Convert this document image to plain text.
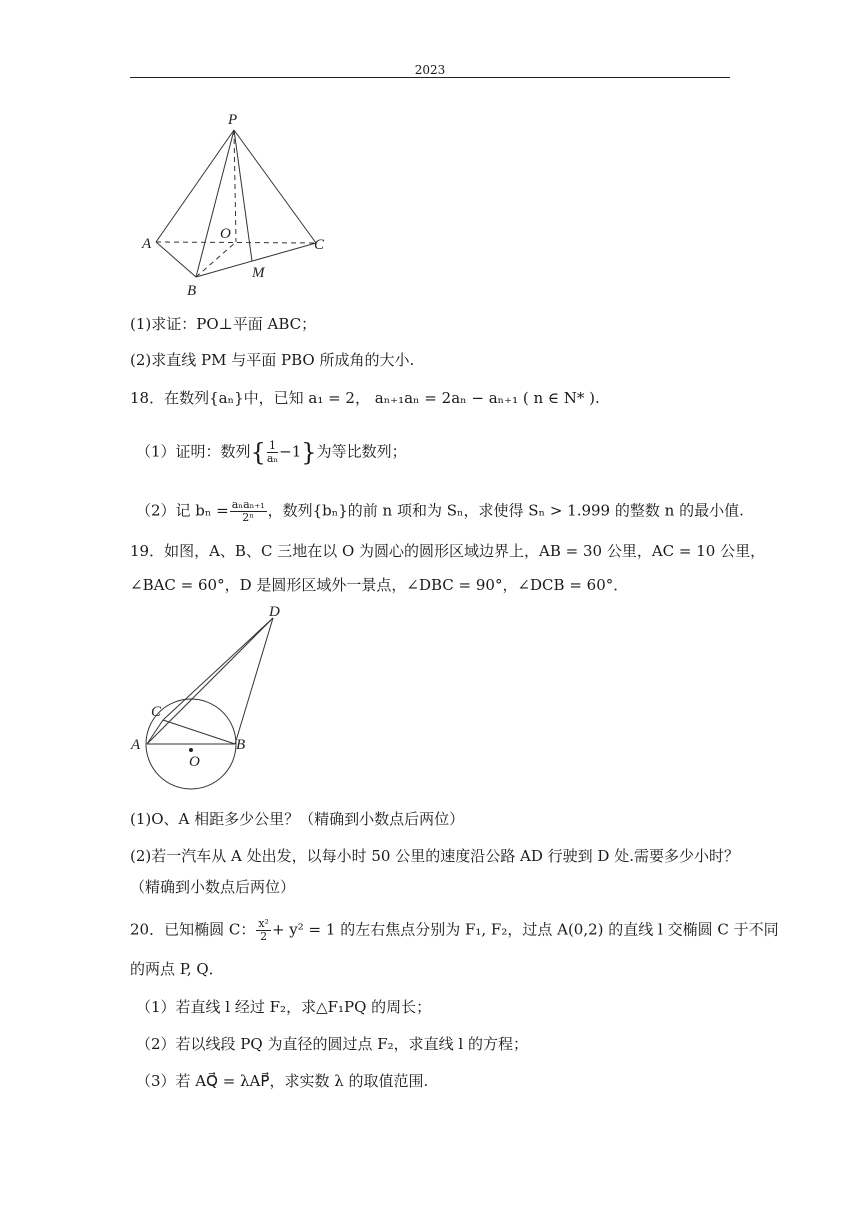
2023
P
A
O
C
B
M
(1)求证：PO⊥平面 ABC；
(2)求直线 PM 与平面 PBO 所成角的大小.
18．在数列{aₙ}中，已知 a₁ = 2， aₙ₊₁aₙ = 2aₙ − aₙ₊₁ ( n ∈ N* ).
（1）证明：数列{ $\frac{1}{\text{aₙ}} -1$}为等比数列；
（2）记 $b_n = \frac{\text{aₙaₙ₊₁}}{\text{2ⁿ}}$ ，数列{bₙ}的前 n 项和为 Sₙ，求使得 Sₙ > 1.999 的整数 n 的最小值.
19．如图，A、B、C 三地在以 O 为圆心的圆形区域边界上，AB = 30 公里，AC = 10 公里，
∠BAC = 60°，D 是圆形区域外一景点，∠DBC = 90°，∠DCB = 60°．
D
C
A	B
O
(1)O、A 相距多少公里？（精确到小数点后两位）
(2)若一汽车从 A 处出发，以每小时 50 公里的速度沿公路 AD 行驶到 D 处.需要多少小时？
（精确到小数点后两位）
20．已知椭圆 C： $\frac{\text{x²}}{2} + y^2 = 1$ 的左右焦点分别为 F₁, F₂，过点 A(0,2) 的直线 l 交椭圆 C 于不同
的两点 P, Q．
（1）若直线 l 经过 F₂，求△F₁PQ 的周长；
（2）若以线段 PQ 为直径的圆过点 F₂，求直线 l 的方程；
（3）若 AQ⃗ = λAP⃗，求实数 λ 的取值范围.
